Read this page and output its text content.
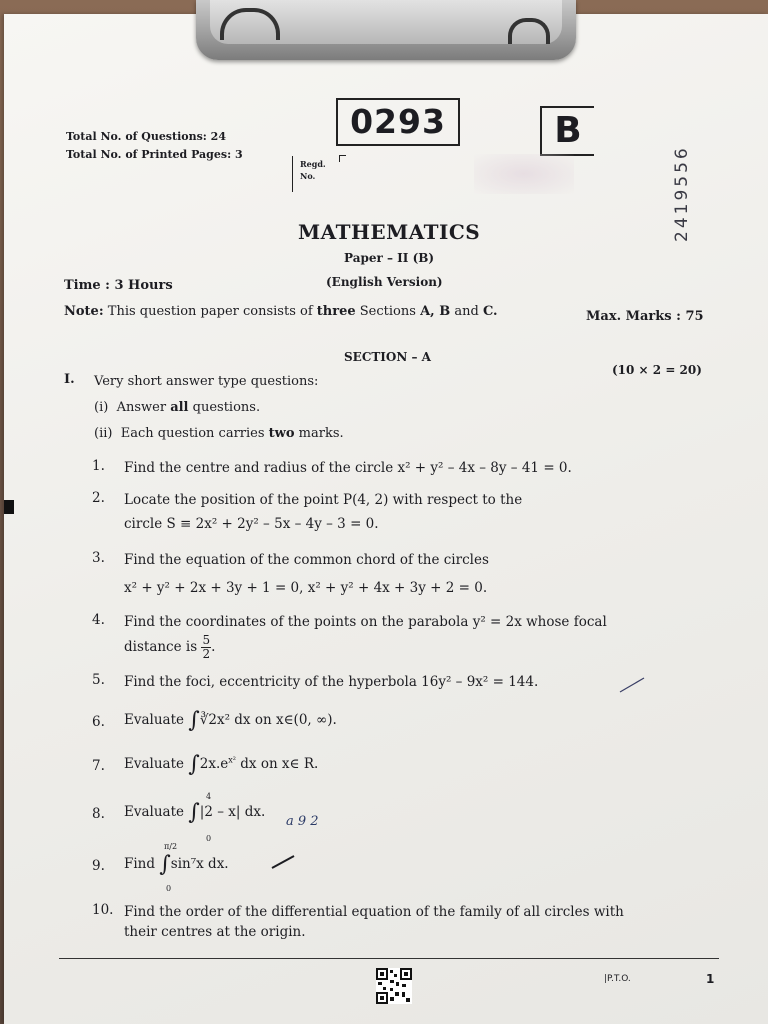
0293	B
2419556
Total No. of Questions: 24
Total No. of Printed Pages: 3
Regd.
No.
MATHEMATICS
Paper – II (B)
(English Version)
Time : 3 Hours
Max. Marks : 75
Note: This question paper consists of three Sections A, B and C.
SECTION – A
(10 × 2 = 20)
I. Very short answer type questions:
(i) Answer all questions.
(ii) Each question carries two marks.
1. Find the centre and radius of the circle x² + y² – 4x – 8y – 41 = 0.
2. Locate the position of the point P(4, 2) with respect to the
circle S ≡ 2x² + 2y² – 5x – 4y – 3 = 0.
3. Find the equation of the common chord of the circles
x² + y² + 2x + 3y + 1 = 0, x² + y² + 4x + 3y + 2 = 0.
4. Find the coordinates of the points on the parabola y² = 2x whose focal
distance is $\frac{5}{2}$ .
5. Find the foci, eccentricity of the hyperbola 16y² – 9x² = 144.
6. Evaluate ∫∛2x² dx on x∈(0, ∞).
7. Evaluate $\int 2x.e^{x^2}$ dx on x∈ R.
8. Evaluate ∫|2 – x| dx.
4
0
a 9 2
9. Find ∫sin⁷x dx.
π/2
0
10. Find the order of the differential equation of the family of all circles with
their centres at the origin.
|P.T.O.	1
